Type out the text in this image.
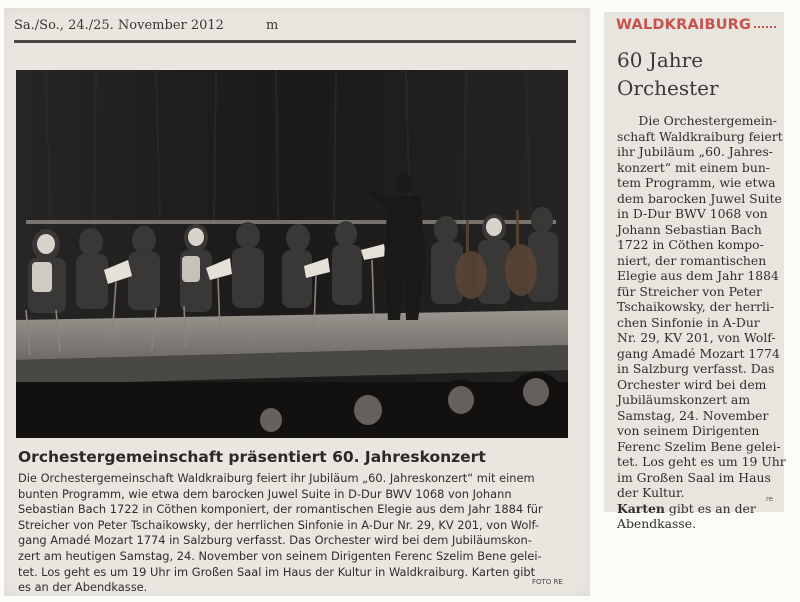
Sa./So., 24./25. November 2012	m
Orchestergemeinschaft präsentiert 60. Jahreskonzert
Die Orchestergemeinschaft Waldkraiburg feiert ihr Jubiläum „60. Jahreskonzert“ mit einem
bunten Programm, wie etwa dem barocken Juwel Suite in D-Dur BWV 1068 von Johann
Sebastian Bach 1722 in Cöthen komponiert, der romantischen Elegie aus dem Jahr 1884 für
Streicher von Peter Tschaikowsky, der herrlichen Sinfonie in A-Dur Nr. 29, KV 201, von Wolf-
gang Amadé Mozart 1774 in Salzburg verfasst. Das Orchester wird bei dem Jubiläumskon-
zert am heutigen Samstag, 24. November von seinem Dirigenten Ferenc Szelim Bene gelei-
tet. Los geht es um 19 Uhr im Großen Saal im Haus der Kultur in Waldkraiburg. Karten gibt
es an der Abendkasse.	FOTO RE
WALDKRAIBURG
60 Jahre
Orchester
Die Orchestergemein-
schaft Waldkraiburg feiert
ihr Jubiläum „60. Jahres-
konzert“ mit einem bun-
tem Programm, wie etwa
dem barocken Juwel Suite
in D-Dur BWV 1068 von
Johann Sebastian Bach
1722 in Cöthen kompo-
niert, der romantischen
Elegie aus dem Jahr 1884
für Streicher von Peter
Tschaikowsky, der herrli-
chen Sinfonie in A-Dur
Nr. 29, KV 201, von Wolf-
gang Amadé Mozart 1774
in Salzburg verfasst. Das
Orchester wird bei dem
Jubiläumskonzert am
Samstag, 24. November
von seinem Dirigenten
Ferenc Szelim Bene gelei-
tet. Los geht es um 19 Uhr
im Großen Saal im Haus
der Kultur.
Karten gibt es an der
Abendkasse.
re
